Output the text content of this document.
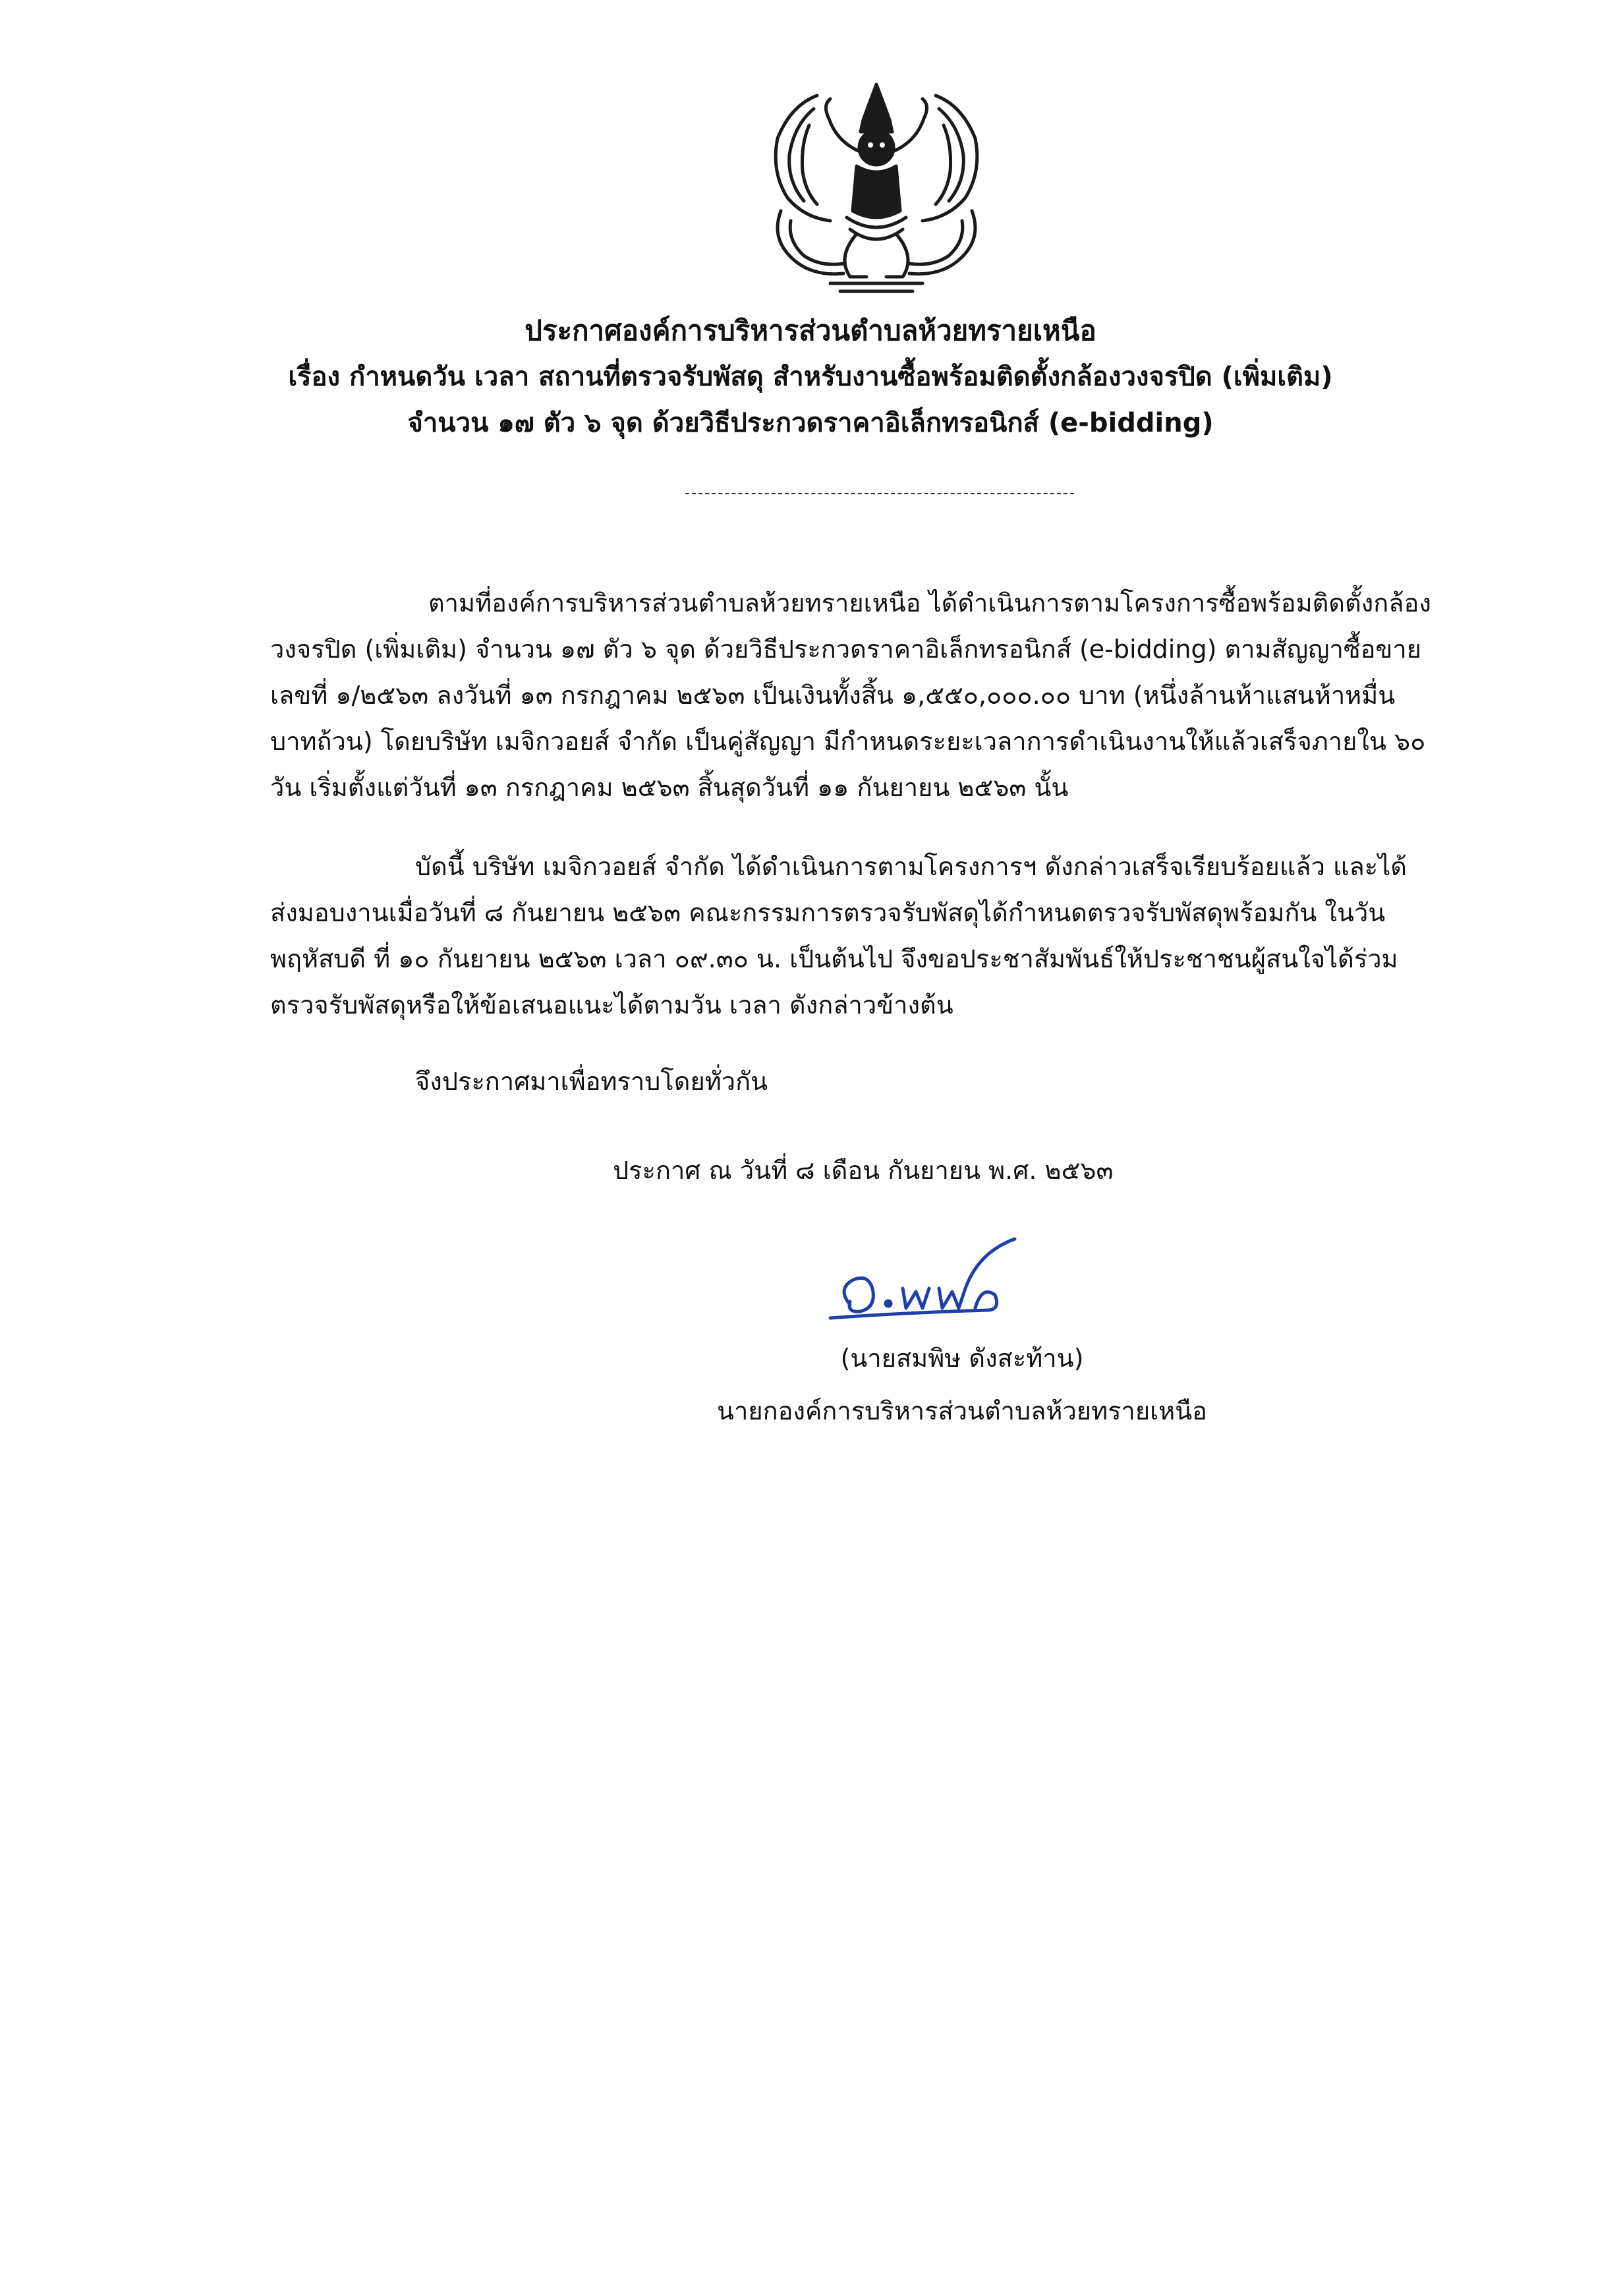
ประกาศองค์การบริหารส่วนตำบลห้วยทรายเหนือ
เรื่อง กำหนดวัน เวลา สถานที่ตรวจรับพัสดุ สำหรับงานซื้อพร้อมติดตั้งกล้องวงจรปิด (เพิ่มเติม)
จำนวน ๑๗ ตัว ๖ จุด ด้วยวิธีประกวดราคาอิเล็กทรอนิกส์ (e-bidding)
ตามที่องค์การบริหารส่วนตำบลห้วยทรายเหนือ ได้ดำเนินการตามโครงการซื้อพร้อมติดตั้งกล้อง
วงจรปิด (เพิ่มเติม) จำนวน ๑๗ ตัว ๖ จุด ด้วยวิธีประกวดราคาอิเล็กทรอนิกส์ (e-bidding) ตามสัญญาซื้อขาย
เลขที่ ๑/๒๕๖๓ ลงวันที่ ๑๓ กรกฎาคม ๒๕๖๓ เป็นเงินทั้งสิ้น ๑,๕๕๐,๐๐๐.๐๐ บาท (หนึ่งล้านห้าแสนห้าหมื่น
บาทถ้วน) โดยบริษัท เมจิกวอยส์ จำกัด เป็นคู่สัญญา มีกำหนดระยะเวลาการดำเนินงานให้แล้วเสร็จภายใน ๖๐
วัน เริ่มตั้งแต่วันที่ ๑๓ กรกฎาคม ๒๕๖๓ สิ้นสุดวันที่ ๑๑ กันยายน ๒๕๖๓ นั้น
บัดนี้ บริษัท เมจิกวอยส์ จำกัด ได้ดำเนินการตามโครงการฯ ดังกล่าวเสร็จเรียบร้อยแล้ว และได้
ส่งมอบงานเมื่อวันที่ ๘ กันยายน ๒๕๖๓ คณะกรรมการตรวจรับพัสดุได้กำหนดตรวจรับพัสดุพร้อมกัน ในวัน
พฤหัสบดี ที่ ๑๐ กันยายน ๒๕๖๓ เวลา ๐๙.๓๐ น. เป็นต้นไป จึงขอประชาสัมพันธ์ให้ประชาชนผู้สนใจได้ร่วม
ตรวจรับพัสดุหรือให้ข้อเสนอแนะได้ตามวัน เวลา ดังกล่าวข้างต้น
จึงประกาศมาเพื่อทราบโดยทั่วกัน
ประกาศ ณ วันที่ ๘ เดือน กันยายน พ.ศ. ๒๕๖๓
(นายสมพิษ ดังสะท้าน)
นายกองค์การบริหารส่วนตำบลห้วยทรายเหนือ
